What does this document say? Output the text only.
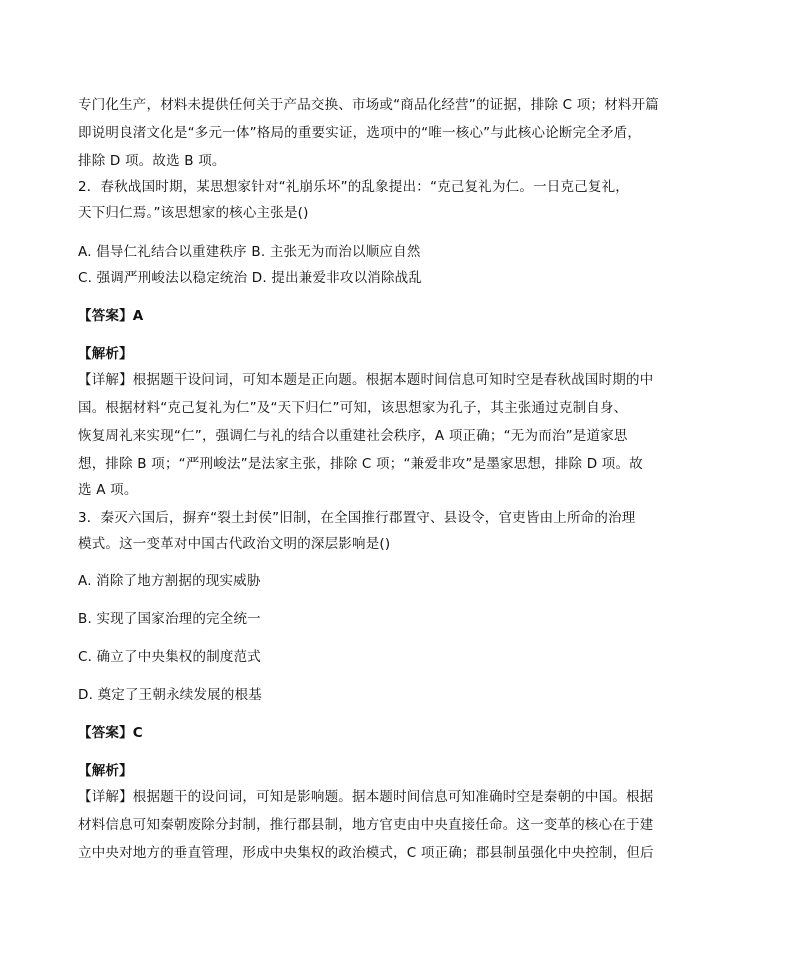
专门化生产，材料未提供任何关于产品交换、市场或“商品化经营”的证据，排除 C 项；材料开篇
即说明良渚文化是“多元一体”格局的重要实证，选项中的“唯一核心”与此核心论断完全矛盾，
排除 D 项。故选 B 项。
2．春秋战国时期，某思想家针对“礼崩乐坏”的乱象提出：“克己复礼为仁。一日克己复礼，
天下归仁焉。”该思想家的核心主张是()
A. 倡导仁礼结合以重建秩序 B. 主张无为而治以顺应自然
C. 强调严刑峻法以稳定统治 D. 提出兼爱非攻以消除战乱
【答案】A
【解析】
【详解】根据题干设问词，可知本题是正向题。根据本题时间信息可知时空是春秋战国时期的中
国。根据材料“克己复礼为仁”及“天下归仁”可知，该思想家为孔子，其主张通过克制自身、
恢复周礼来实现“仁”，强调仁与礼的结合以重建社会秩序，A 项正确；“无为而治”是道家思
想，排除 B 项；“严刑峻法”是法家主张，排除 C 项；“兼爱非攻”是墨家思想，排除 D 项。故
选 A 项。
3．秦灭六国后，摒弃“裂土封侯”旧制，在全国推行郡置守、县设令，官吏皆由上所命的治理
模式。这一变革对中国古代政治文明的深层影响是()
A. 消除了地方割据的现实威胁
B. 实现了国家治理的完全统一
C. 确立了中央集权的制度范式
D. 奠定了王朝永续发展的根基
【答案】C
【解析】
【详解】根据题干的设问词，可知是影响题。据本题时间信息可知准确时空是秦朝的中国。根据
材料信息可知秦朝废除分封制，推行郡县制，地方官吏由中央直接任命。这一变革的核心在于建
立中央对地方的垂直管理，形成中央集权的政治模式，C 项正确；郡县制虽强化中央控制，但后
